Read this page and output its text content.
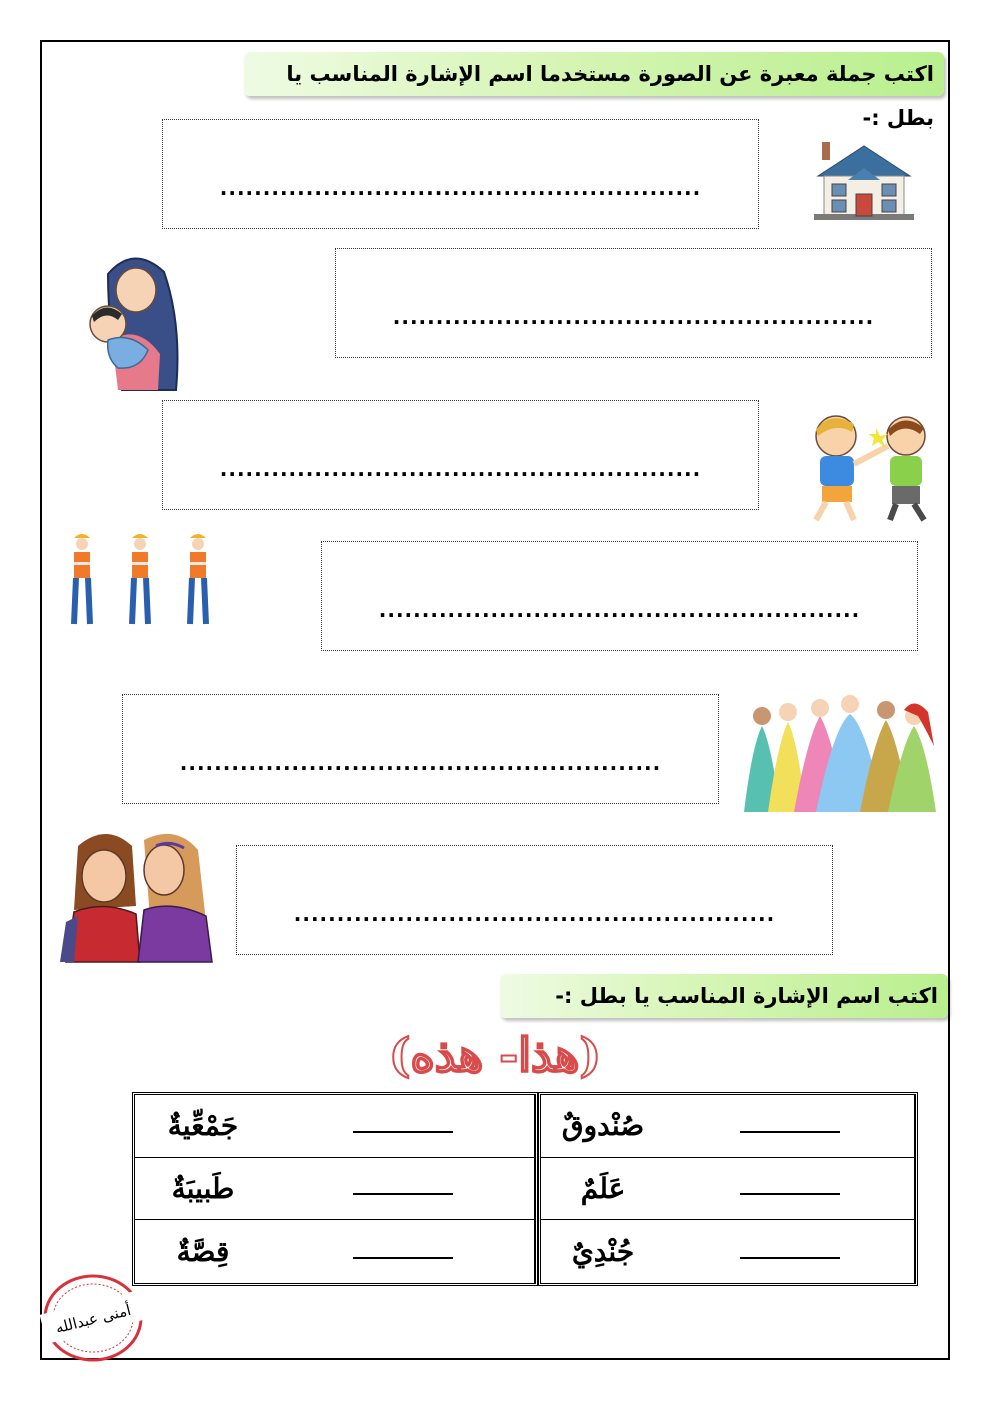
اكتب جملة معبرة عن الصورة مستخدما اسم الإشارة المناسب يا بطل :-
........................................................
........................................................
........................................................
........................................................
........................................................
........................................................
اكتب اسم الإشارة المناسب يا بطل :-
(هذا- هذه)
جَمْعِّيةٌ
طَبيبَةٌ
قِصَّةٌ
صُنْدوقٌ
عَلَمٌ
جُنْدِيٌ
أمنى عبدالله
